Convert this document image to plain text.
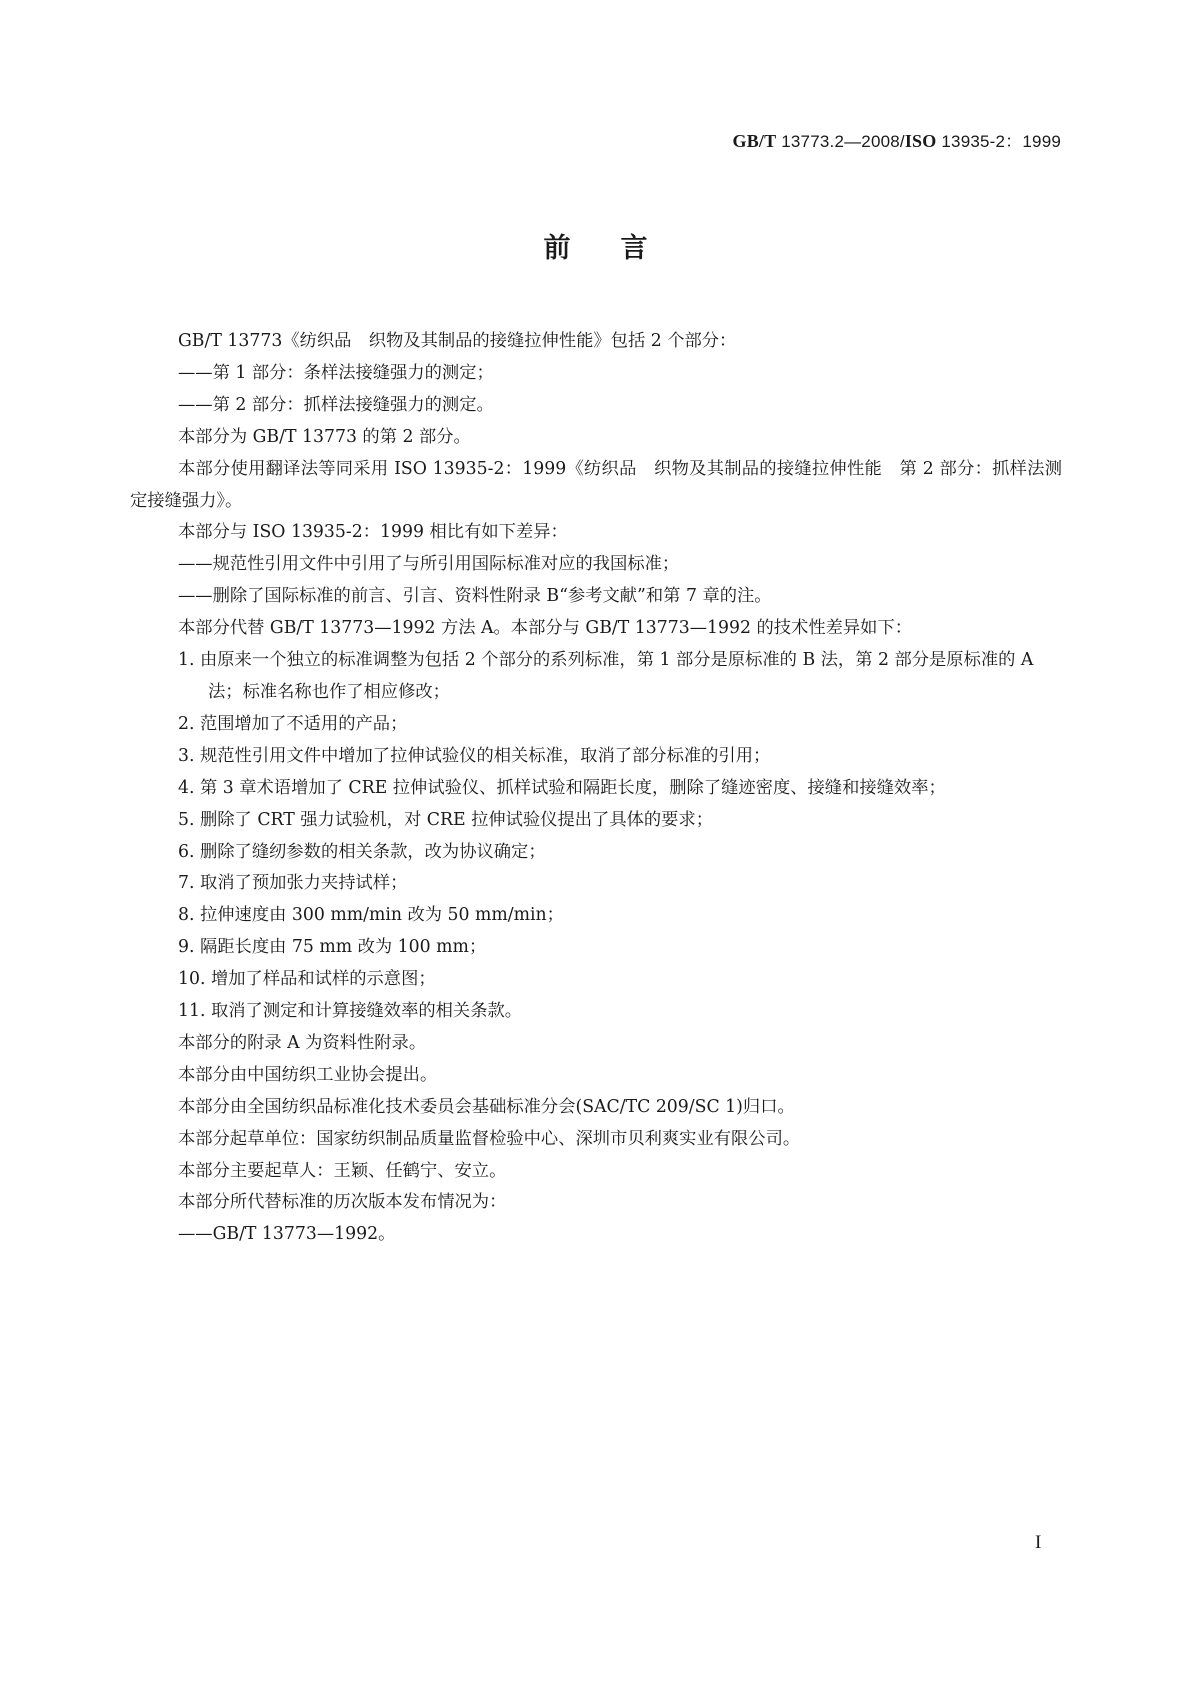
GB/T 13773.2—2008/ISO 13935-2：1999
前言

GB/T 13773《纺织品　织物及其制品的接缝拉伸性能》包括 2 个部分：

——第 1 部分：条样法接缝强力的测定；

——第 2 部分：抓样法接缝强力的测定。

本部分为 GB/T 13773 的第 2 部分。

本部分使用翻译法等同采用 ISO 13935-2：1999《纺织品　织物及其制品的接缝拉伸性能　第 2 部分：抓样法测定接缝强力》。

本部分与 ISO 13935-2：1999 相比有如下差异：

——规范性引用文件中引用了与所引用国际标准对应的我国标准；

——删除了国际标准的前言、引言、资料性附录 B“参考文献”和第 7 章的注。

本部分代替 GB/T 13773—1992 方法 A。本部分与 GB/T 13773—1992 的技术性差异如下：

1. 由原来一个独立的标准调整为包括 2 个部分的系列标准，第 1 部分是原标准的 B 法，第 2 部分是原标准的 A 法；标准名称也作了相应修改；

2. 范围增加了不适用的产品；

3. 规范性引用文件中增加了拉伸试验仪的相关标准，取消了部分标准的引用；

4. 第 3 章术语增加了 CRE 拉伸试验仪、抓样试验和隔距长度，删除了缝迹密度、接缝和接缝效率；

5. 删除了 CRT 强力试验机，对 CRE 拉伸试验仪提出了具体的要求；

6. 删除了缝纫参数的相关条款，改为协议确定；

7. 取消了预加张力夹持试样；

8. 拉伸速度由 300 mm/min 改为 50 mm/min；

9. 隔距长度由 75 mm 改为 100 mm；

10. 增加了样品和试样的示意图；

11. 取消了测定和计算接缝效率的相关条款。

本部分的附录 A 为资料性附录。

本部分由中国纺织工业协会提出。

本部分由全国纺织品标准化技术委员会基础标准分会(SAC/TC 209/SC 1)归口。

本部分起草单位：国家纺织制品质量监督检验中心、深圳市贝利爽实业有限公司。

本部分主要起草人：王颖、任鹤宁、安立。

本部分所代替标准的历次版本发布情况为：

——GB/T 13773—1992。

I
